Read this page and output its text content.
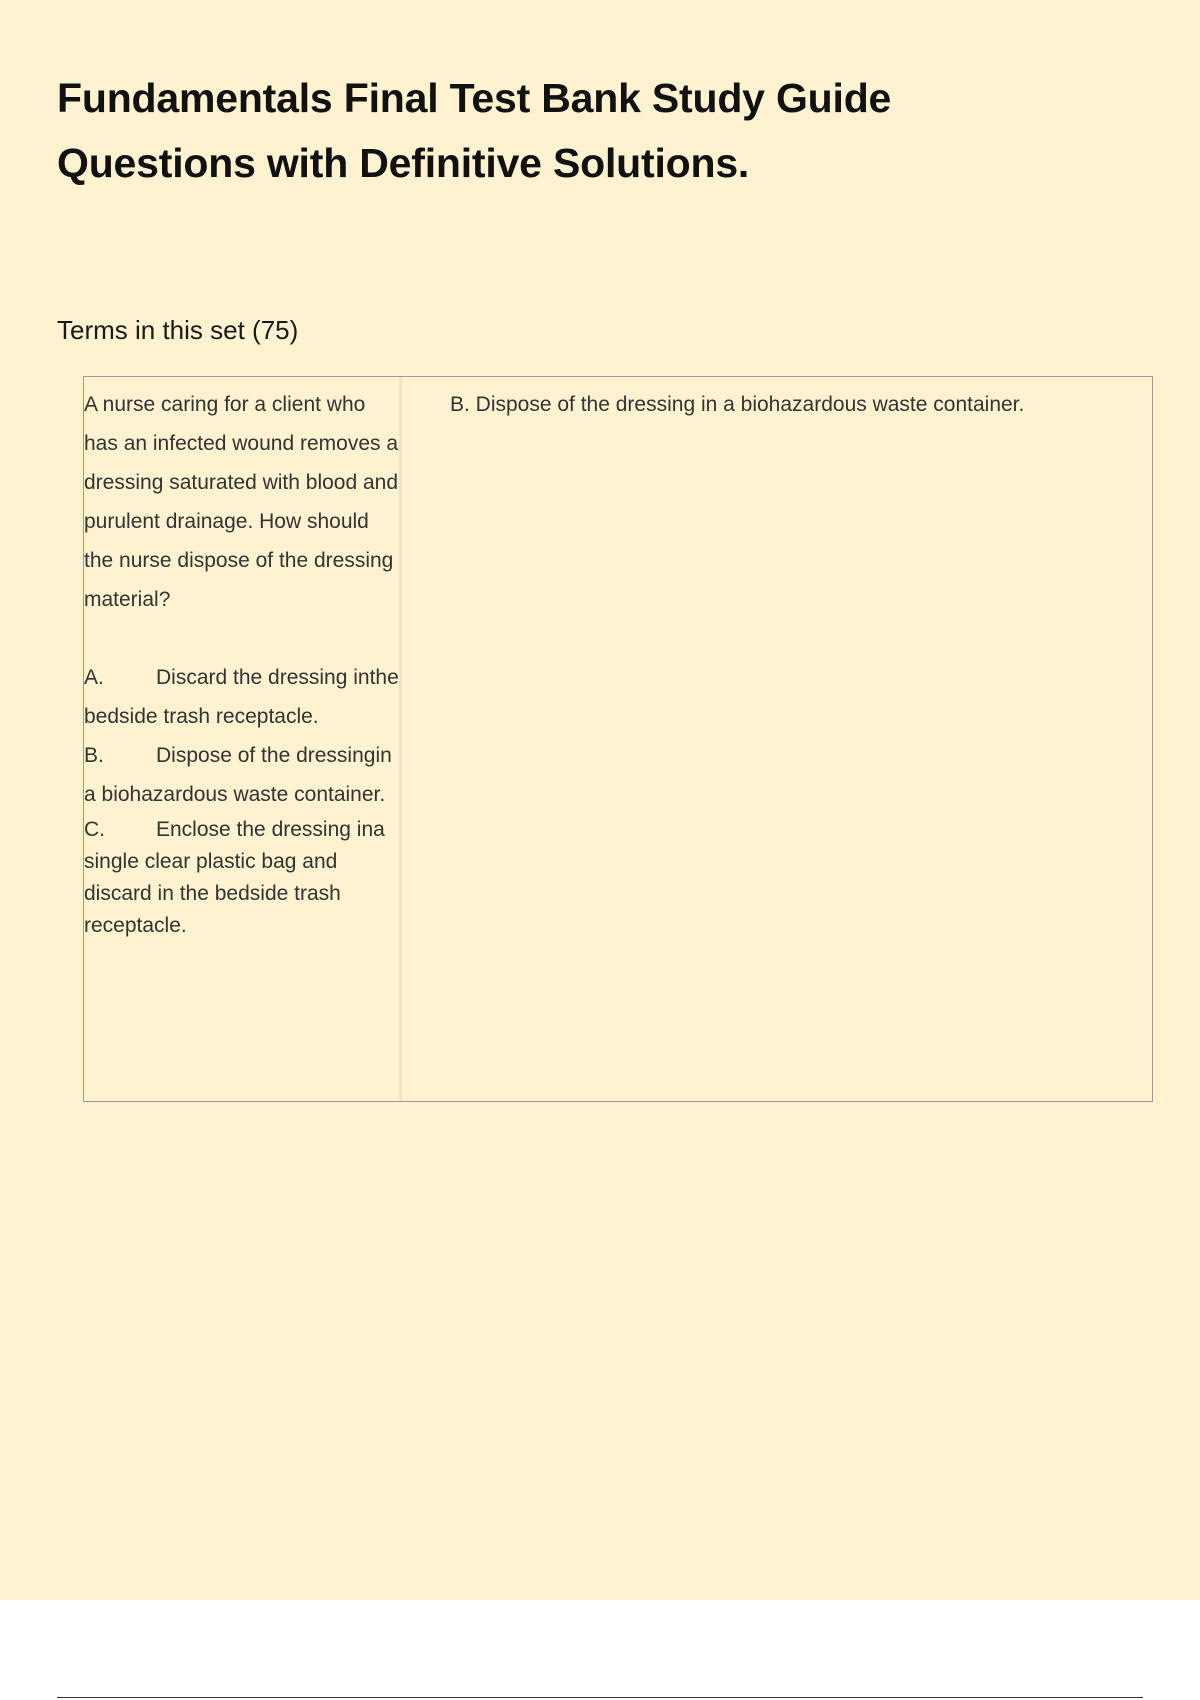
Fundamentals Final Test Bank Study Guide
Questions with Definitive Solutions.
Terms in this set (75)

A nurse caring for a client who has an infected wound removes a dressing saturated with blood and purulent drainage. How should the nurse dispose of the dressing material?

A. Discard the dressing inthe bedside trash receptacle.
B. Dispose of the dressingin a biohazardous waste container.
C. Enclose the dressing ina single clear plastic bag and discard in the bedside trash receptacle.
B. Dispose of the dressing in a biohazardous waste container.
